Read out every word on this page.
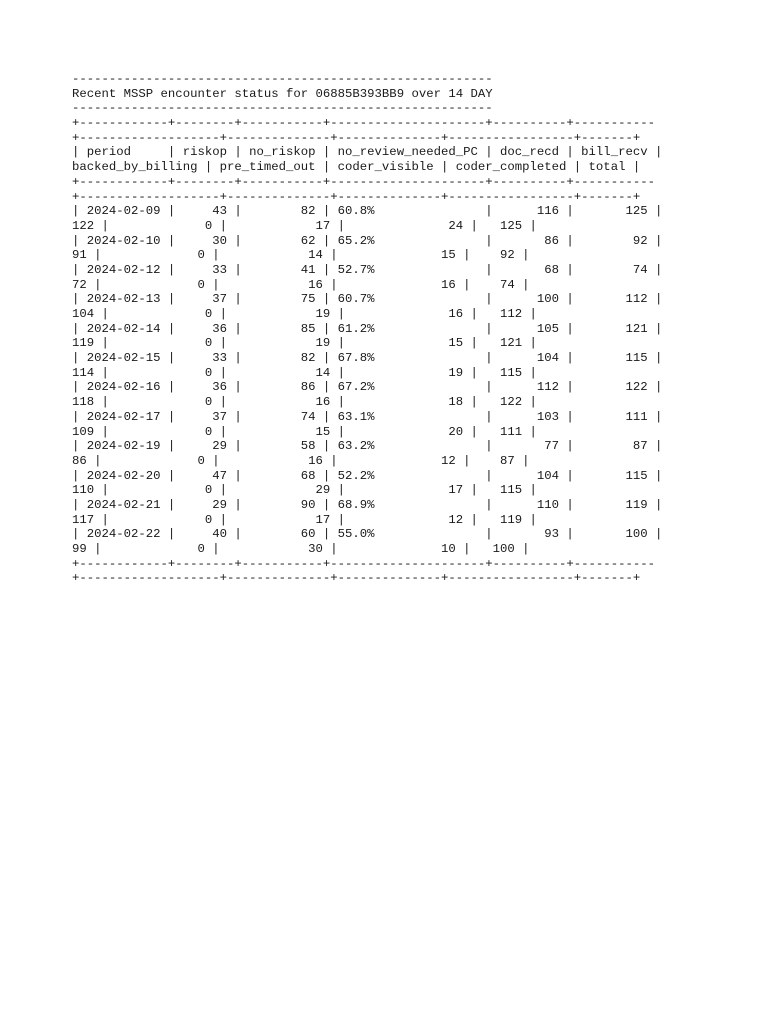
---------------------------------------------------------
Recent MSSP encounter status for 06885B393BB9 over 14 DAY
---------------------------------------------------------
+------------+--------+-----------+---------------------+----------+-----------
+-------------------+--------------+--------------+-----------------+-------+
| period     | riskop | no_riskop | no_review_needed_PC | doc_recd | bill_recv |
backed_by_billing | pre_timed_out | coder_visible | coder_completed | total |
+------------+--------+-----------+---------------------+----------+-----------
+-------------------+--------------+--------------+-----------------+-------+
| 2024-02-09 |     43 |        82 | 60.8%               |      116 |       125 |
122 |             0 |            17 |              24 |   125 |
| 2024-02-10 |     30 |        62 | 65.2%               |       86 |        92 |
91 |             0 |            14 |              15 |    92 |
| 2024-02-12 |     33 |        41 | 52.7%               |       68 |        74 |
72 |             0 |            16 |              16 |    74 |
| 2024-02-13 |     37 |        75 | 60.7%               |      100 |       112 |
104 |             0 |            19 |              16 |   112 |
| 2024-02-14 |     36 |        85 | 61.2%               |      105 |       121 |
119 |             0 |            19 |              15 |   121 |
| 2024-02-15 |     33 |        82 | 67.8%               |      104 |       115 |
114 |             0 |            14 |              19 |   115 |
| 2024-02-16 |     36 |        86 | 67.2%               |      112 |       122 |
118 |             0 |            16 |              18 |   122 |
| 2024-02-17 |     37 |        74 | 63.1%               |      103 |       111 |
109 |             0 |            15 |              20 |   111 |
| 2024-02-19 |     29 |        58 | 63.2%               |       77 |        87 |
86 |             0 |            16 |              12 |    87 |
| 2024-02-20 |     47 |        68 | 52.2%               |      104 |       115 |
110 |             0 |            29 |              17 |   115 |
| 2024-02-21 |     29 |        90 | 68.9%               |      110 |       119 |
117 |             0 |            17 |              12 |   119 |
| 2024-02-22 |     40 |        60 | 55.0%               |       93 |       100 |
99 |             0 |            30 |              10 |   100 |
+------------+--------+-----------+---------------------+----------+-----------
+-------------------+--------------+--------------+-----------------+-------+
